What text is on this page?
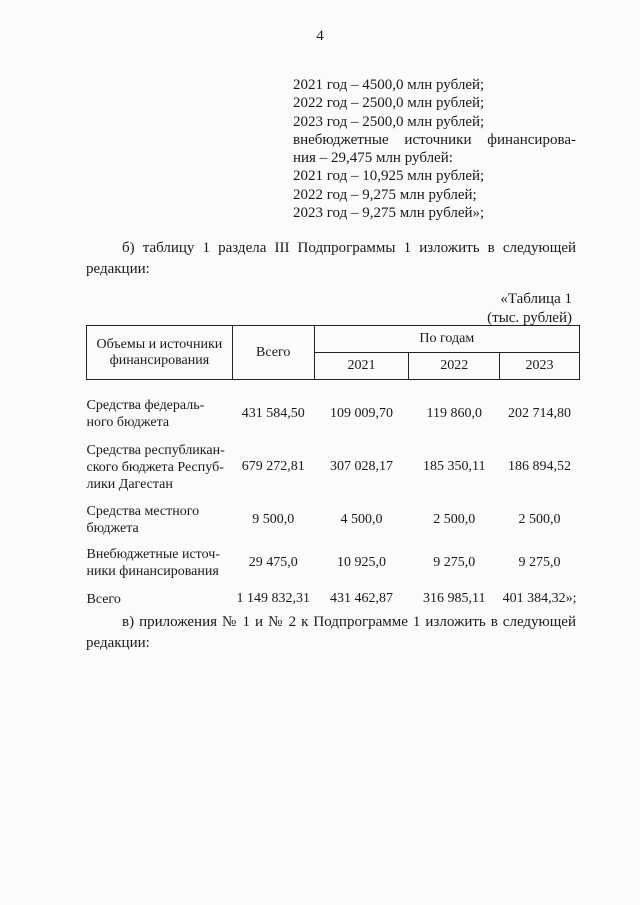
4
2021 год – 4500,0 млн рублей;
2022 год – 2500,0 млн рублей;
2023 год – 2500,0 млн рублей;
внебюджетные источники финансирова-
ния – 29,475 млн рублей:
2021 год – 10,925 млн рублей;
2022 год – 9,275 млн рублей;
2023 год – 9,275 млн рублей»;
б) таблицу 1 раздела III Подпрограммы 1 изложить в следующей
редакции:
«Таблица 1
(тыс. рублей)
Объемы и источники
финансирования	Всего	По годам		
		2021	2022	2023

Средства федераль-
ного бюджета	431 584,50	109 009,70	119 860,0	202 714,80

Средства республикан-
ского бюджета Респуб-
лики Дагестан	679 272,81	307 028,17	185 350,11	186 894,52

Средства местного
бюджета	9 500,0	4 500,0	2 500,0	2 500,0

Внебюджетные источ-
ники финансирования	29 475,0	10 925,0	9 275,0	9 275,0
Всего	1 149 832,31	431 462,87	316 985,11	401 384,32»;
в) приложения № 1 и № 2 к Подпрограмме 1 изложить в следующей
редакции:
